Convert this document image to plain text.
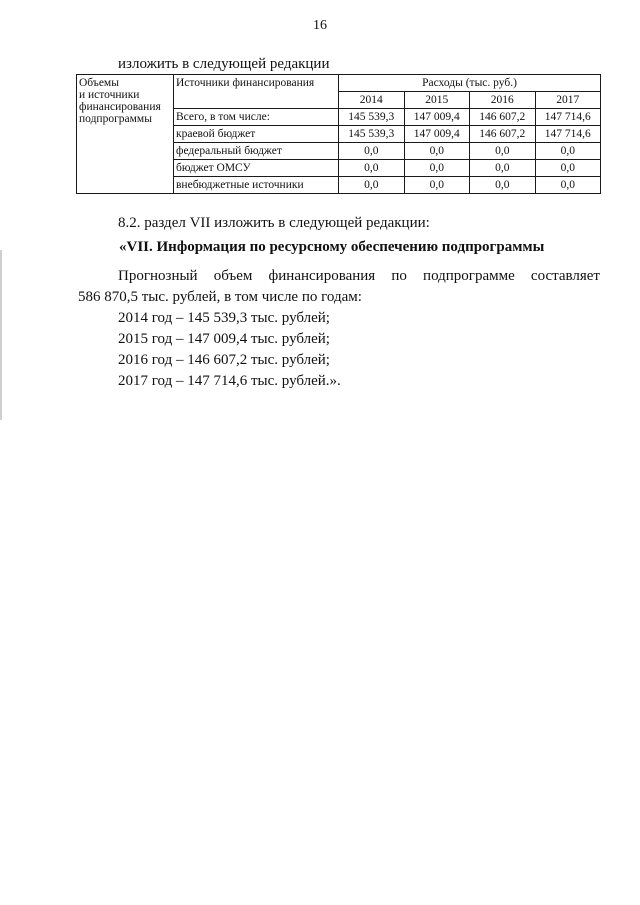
16
изложить в следующей редакции
Объемы
и источники
финансирования
подпрограммы	Источники финансирования	Расходы (тыс. руб.)			
		2014	2015	2016	2017
	Всего, в том числе:	145 539,3	147 009,4	146 607,2	147 714,6
	краевой бюджет	145 539,3	147 009,4	146 607,2	147 714,6
	федеральный бюджет	0,0	0,0	0,0	0,0
	бюджет ОМСУ	0,0	0,0	0,0	0,0
	внебюджетные источники	0,0	0,0	0,0	0,0
8.2. раздел VII изложить в следующей редакции:
«VII. Информация по ресурсному обеспечению подпрограммы
Прогнозный объем финансирования по подпрограмме составляет
586 870,5 тыс. рублей, в том числе по годам:
2014 год – 145 539,3 тыс. рублей;
2015 год – 147 009,4 тыс. рублей;
2016 год – 146 607,2 тыс. рублей;
2017 год – 147 714,6 тыс. рублей.».
